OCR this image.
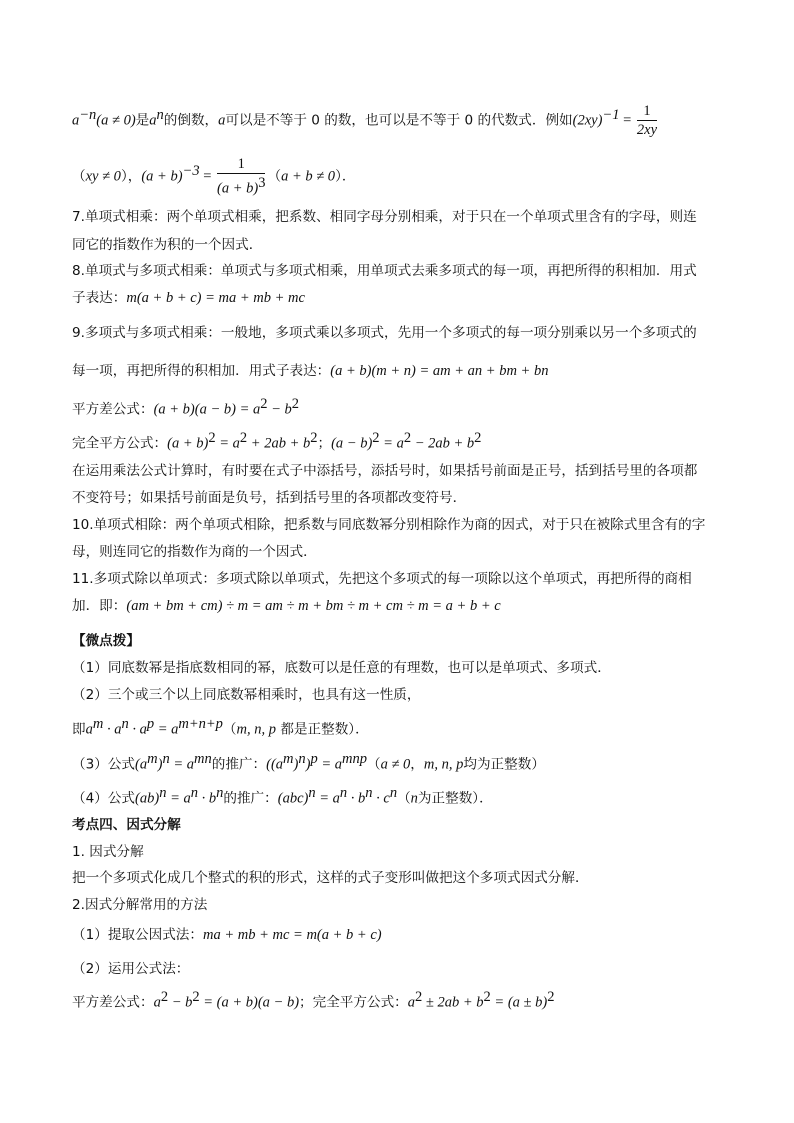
$a^{-n}(a \ne 0)$是$a^n$的倒数，a可以是不等于 0 的数，也可以是不等于 0 的代数式．例如$(2xy)^{-1} = \frac{1}{2xy}$
（xy ≠ 0），$(a + b)^{-3} = \frac{1}{(a + b)^3} (a + b \ne 0)$．
7.单项式相乘：两个单项式相乘，把系数、相同字母分别相乘，对于只在一个单项式里含有的字母，则连
同它的指数作为积的一个因式．
8.单项式与多项式相乘：单项式与多项式相乘，用单项式去乘多项式的每一项，再把所得的积相加．用式
子表达：m(a + b + c) = ma + mb + mc
9.多项式与多项式相乘：一般地，多项式乘以多项式，先用一个多项式的每一项分别乘以另一个多项式的
每一项，再把所得的积相加．用式子表达：(a + b)(m + n) = am + an + bm + bn
平方差公式：$(a + b)(a - b) = a^2 - b^2$
完全平方公式：$(a + b)^2 = a^2 + 2ab + b^2$；$(a - b)^2 = a^2 - 2ab + b^2$
在运用乘法公式计算时，有时要在式子中添括号，添括号时，如果括号前面是正号，括到括号里的各项都
不变符号；如果括号前面是负号，括到括号里的各项都改变符号．
10.单项式相除：两个单项式相除，把系数与同底数幂分别相除作为商的因式，对于只在被除式里含有的字
母，则连同它的指数作为商的一个因式．
11.多项式除以单项式：多项式除以单项式，先把这个多项式的每一项除以这个单项式，再把所得的商相
加．即：(am + bm + cm) ÷ m = am ÷ m + bm ÷ m + cm ÷ m = a + b + c
【微点拨】
（1）同底数幂是指底数相同的幂，底数可以是任意的有理数，也可以是单项式、多项式．
（2）三个或三个以上同底数幂相乘时，也具有这一性质，
即$a^m \cdot a^n \cdot a^p = a^{m+n+p}(m$, n, p 都是正整数）．
（3）公式$(a^m)^n = a^{mn}$的推广：$((a^m)^n)^p = a^{mnp}(a \ne 0$，m, n, p均为正整数）
（4）公式$(ab)^n = a^n \cdot b^n$的推广：$(abc)^n = a^n \cdot b^n \cdot c^n(n$为正整数）．
考点四、因式分解
1. 因式分解
把一个多项式化成几个整式的积的形式，这样的式子变形叫做把这个多项式因式分解．
2.因式分解常用的方法
（1）提取公因式法：ma + mb + mc = m(a + b + c)
（2）运用公式法：
平方差公式：$a^2 - b^2 = (a + b)(a - b)$；完全平方公式：$a^2 \pm 2ab + b^2 = (a \pm b)^2$
